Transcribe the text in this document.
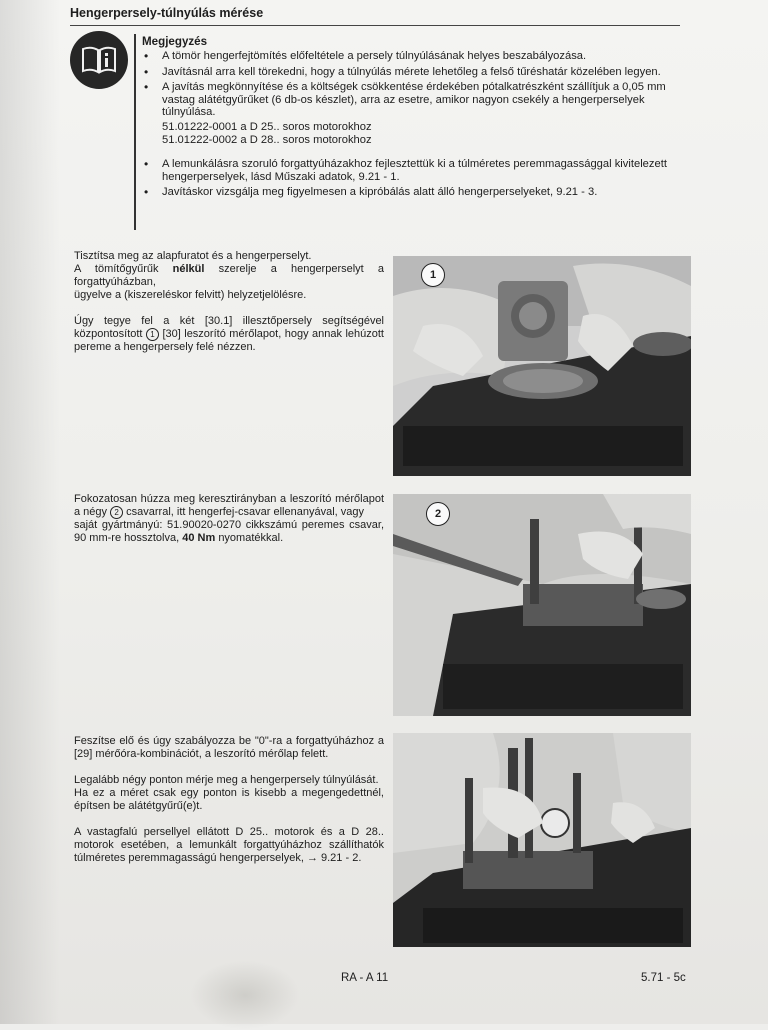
Hengerpersely-túlnyúlás mérése
Megjegyzés
• A tömör hengerfejtömítés előfeltétele a persely túlnyúlásának helyes beszabályozása.
• Javításnál arra kell törekedni, hogy a túlnyúlás mérete lehetőleg a felső tűréshatár közelében legyen.
• A javítás megkönnyítése és a költségek csökkentése érdekében pótalkatrészként szállítjuk a 0,05 mm vastag alátétgyűrűket (6 db-os készlet), arra az esetre, amikor nagyon csekély a hengerperselyek túlnyúlása.
51.01222-0001 a D 25.. soros motorokhoz
51.01222-0002 a D 28.. soros motorokhoz
• A lemunkálásra szoruló forgattyúházakhoz fejlesztettük ki a túlméretes peremmagassággal kivitelezett hengerperselyek, lásd Műszaki adatok, 9.21 - 1.
• Javításkor vizsgálja meg figyelmesen a kipróbálás alatt álló hengerperselyeket, 9.21 - 3.

Tisztítsa meg az alapfuratot és a hengerperselyt.
A tömítőgyűrűk nélkül szerelje a hengerperselyt a forgattyúházban,
ügyelve a (kiszereléskor felvitt) helyzetjelölésre.

Úgy tegye fel a két [30.1] illesztőpersely segítségével központosított 1 [30] leszorító mérőlapot, hogy annak lehúzott pereme a hengerpersely felé nézzen.

1

Fokozatosan húzza meg keresztirányban a leszorító mérőlapot a négy 2 csavarral, itt hengerfej-csavar ellenanyával, vagy
saját gyártmányú: 51.90020-0270 cikkszámú peremes csavar, 90 mm-re hossztolva, 40 Nm nyomatékkal.

2

Feszítse elő és úgy szabályozza be "0"-ra a forgattyúházhoz a [29] mérőóra-kombinációt, a leszorító mérőlap felett.

Legalább négy ponton mérje meg a hengerpersely túlnyúlását.

Ha ez a méret csak egy ponton is kisebb a megengedettnél, építsen be alátétgyűrű(e)t.

A vastagfalú persellyel ellátott D 25.. motorok és a D 28.. motorok esetében, a lemunkált forgattyúházhoz szállíthatók túlméretes peremmagasságú hengerperselyek, → 9.21 - 2.

RA - A 11	5.71 - 5c
